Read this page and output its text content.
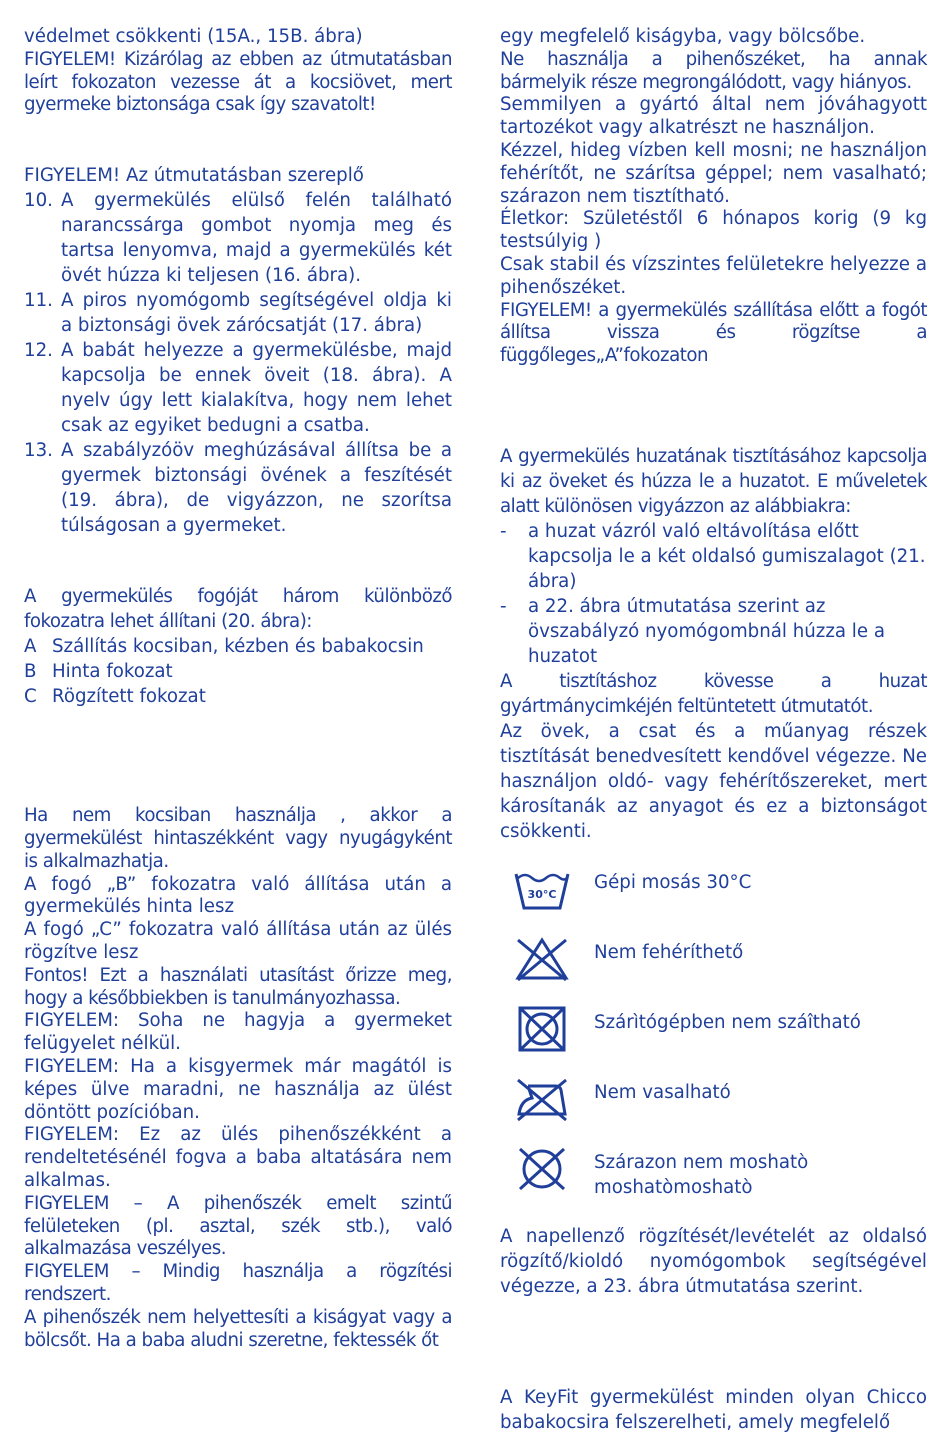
védelmet csökkenti (15A., 15B. ábra)

FIGYELEM! Kizárólag az ebben az útmutatásban leírt fokozaton vezesse át a kocsiövet, mert gyermeke biztonsága csak így szavatolt!

FIGYELEM! Az útmutatásban szereplő

10. A gyermekülés elülső felén található narancssárga gombot nyomja meg és tartsa lenyomva, majd a gyermekülés két övét húzza ki teljesen (16. ábra).
11. A piros nyomógomb segítségével oldja ki a biztonsági övek zárócsatját (17. ábra)
12. A babát helyezze a gyermekülésbe, majd kapcsolja be ennek öveit (18. ábra). A nyelv úgy lett kialakítva, hogy nem lehet csak az egyiket bedugni a csatba.
13. A szabályzóöv meghúzásával állítsa be a gyermek biztonsági övének a feszítését (19. ábra), de vigyázzon, ne szorítsa túlságosan a gyermeket.

A gyermekülés fogóját három különböző fokozatra lehet állítani (20. ábra):

A Szállítás kocsiban, kézben és babakocsin
B Hinta fokozat
C Rögzített fokozat

Ha nem kocsiban használja , akkor a gyermekülést hintaszékként vagy nyugágyként is alkalmazhatja.

A fogó „B” fokozatra való állítása után a gyermekülés hinta lesz

A fogó „C” fokozatra való állítása után az ülés rögzítve lesz

Fontos! Ezt a használati utasítást őrizze meg, hogy a későbbiekben is tanulmányozhassa.

FIGYELEM: Soha ne hagyja a gyermeket felügyelet nélkül.

FIGYELEM: Ha a kisgyermek már magától is képes ülve maradni, ne használja az ülést döntött pozícióban.

FIGYELEM: Ez az ülés pihenőszékként a rendeltetésénél fogva a baba altatására nem alkalmas.

FIGYELEM – A pihenőszék emelt szintű felületeken (pl. asztal, szék stb.), való alkalmazása veszélyes.

FIGYELEM – Mindig használja a rögzítési rendszert.

A pihenőszék nem helyettesíti a kiságyat vagy a bölcsőt. Ha a baba aludni szeretne, fektessék őt

egy megfelelő kiságyba, vagy bölcsőbe.

Ne használja a pihenőszéket, ha annak bármelyik része megrongálódott, vagy hiányos.

Semmilyen a gyártó által nem jóváhagyott tartozékot vagy alkatrészt ne használjon.

Kézzel, hideg vízben kell mosni; ne használjon fehérítőt, ne szárítsa géppel; nem vasalható; szárazon nem tisztítható.

Életkor: Születéstől 6 hónapos korig (9 kg testsúlyig )

Csak stabil és vízszintes felületekre helyezze a pihenőszéket.

FIGYELEM! a gyermekülés szállítása előtt a fogót állítsa vissza és rögzítse a függőleges„A”fokozaton

A gyermekülés huzatának tisztításához kapcsolja ki az öveket és húzza le a huzatot. E műveletek alatt különösen vigyázzon az alábbiakra:

- a huzat vázról való eltávolítása előtt kapcsolja le a két oldalsó gumiszalagot (21. ábra)
- a 22. ábra útmutatása szerint az övszabályzó nyomógombnál húzza le a huzatot

A tisztításhoz kövesse a huzat gyártmánycimkéjén feltüntetett útmutatót.

Az övek, a csat és a műanyag részek tisztítását benedvesített kendővel végezze. Ne használjon oldó- vagy fehérítőszereket, mert károsítanák az anyagot és ez a biztonságot csökkenti.

30°C
Gépi mosás 30°C
Nem fehéríthető
Szárìtógépben nem száîtható
Nem vasalható
Szárazon nem moshatò moshatòmoshatò

A napellenző rögzítését/levételét az oldalsó rögzítő/kioldó nyomógombok segítségével végezze, a 23. ábra útmutatása szerint.

A KeyFit gyermekülést minden olyan Chicco babakocsira felszerelheti, amely megfelelő
